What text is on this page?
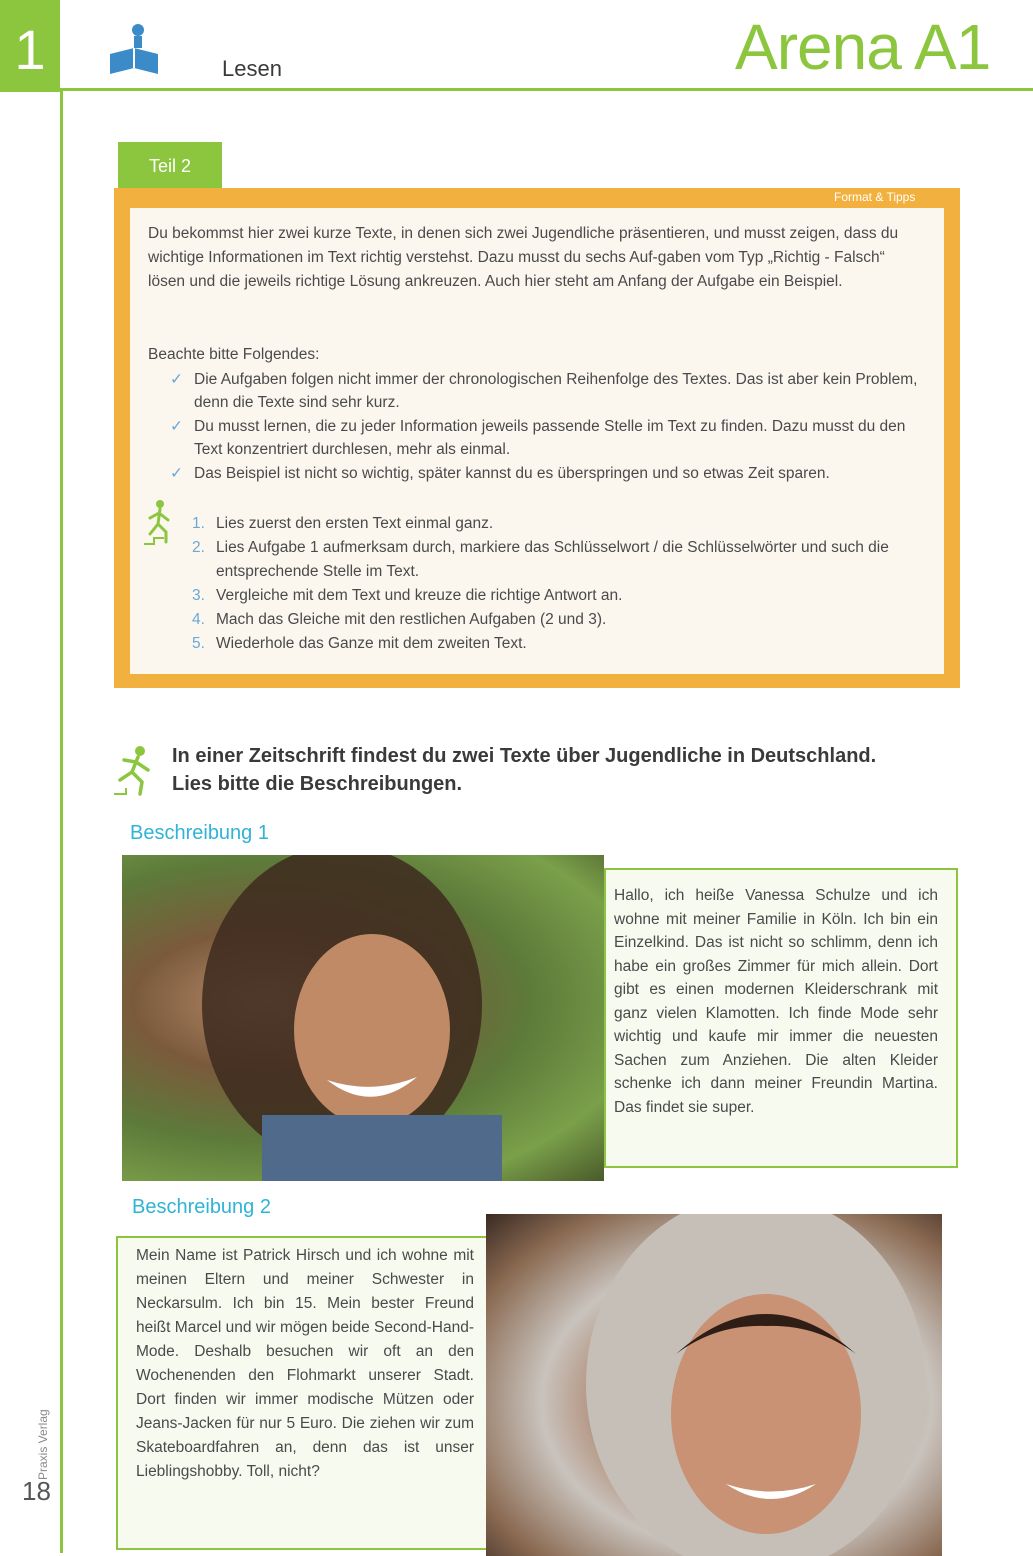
1	Lesen	Arena A1
Teil 2
Format & Tipps
Du bekommst hier zwei kurze Texte, in denen sich zwei Jugendliche präsentieren, und musst zeigen, dass du wichtige Informationen im Text richtig verstehst. Dazu musst du sechs Auf-gaben vom Typ „Richtig - Falsch“ lösen und die jeweils richtige Lösung ankreuzen. Auch hier steht am Anfang der Aufgabe ein Beispiel.
Beachte bitte Folgendes:
✓ Die Aufgaben folgen nicht immer der chronologischen Reihenfolge des Textes. Das ist aber kein Problem, denn die Texte sind sehr kurz.
✓ Du musst lernen, die zu jeder Information jeweils passende Stelle im Text zu finden. Dazu musst du den Text konzentriert durchlesen, mehr als einmal.
✓ Das Beispiel ist nicht so wichtig, später kannst du es überspringen und so etwas Zeit sparen.
1. Lies zuerst den ersten Text einmal ganz.
2. Lies Aufgabe 1 aufmerksam durch, markiere das Schlüsselwort / die Schlüsselwörter und such die entsprechende Stelle im Text.
3. Vergleiche mit dem Text und kreuze die richtige Antwort an.
4. Mach das Gleiche mit den restlichen Aufgaben (2 und 3).
5. Wiederhole das Ganze mit dem zweiten Text.
In einer Zeitschrift findest du zwei Texte über Jugendliche in Deutschland.
Lies bitte die Beschreibungen.
Beschreibung 1
Hallo, ich heiße Vanessa Schulze und ich wohne mit meiner Familie in Köln. Ich bin ein Einzelkind. Das ist nicht so schlimm, denn ich habe ein großes Zimmer für mich allein. Dort gibt es einen modernen Kleiderschrank mit ganz vielen Klamotten. Ich finde Mode sehr wichtig und kaufe mir immer die neuesten Sachen zum Anziehen. Die alten Kleider schenke ich dann meiner Freundin Martina. Das findet sie super.
Beschreibung 2
Mein Name ist Patrick Hirsch und ich wohne mit meinen Eltern und meiner Schwester in Neckarsulm. Ich bin 15. Mein bester Freund heißt Marcel und wir mögen beide Second-Hand-Mode. Deshalb besuchen wir oft an den Wochenenden den Flohmarkt unserer Stadt. Dort finden wir immer modische Mützen oder Jeans-Jacken für nur 5 Euro. Die ziehen wir zum Skateboardfahren an, denn das ist unser Lieblingshobby. Toll, nicht?
18
Praxis Verlag
